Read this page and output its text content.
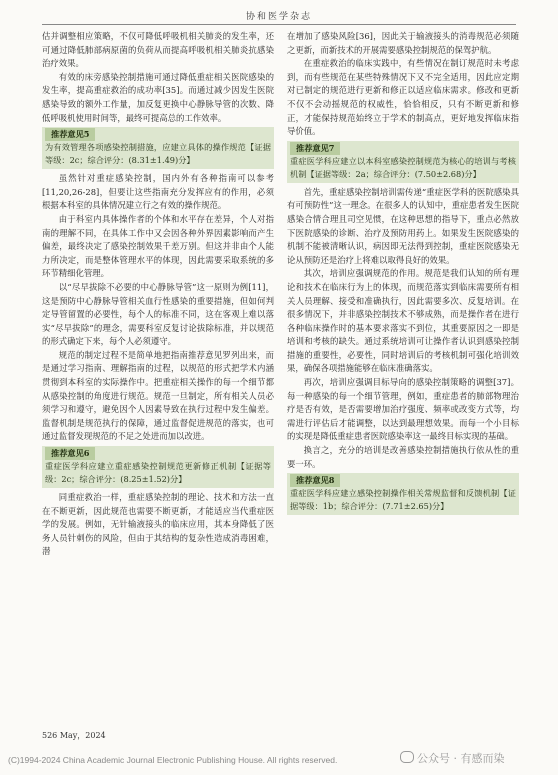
协和医学杂志

估并调整相应策略，不仅可降低呼吸机相关肺炎的发生率，还可通过降低肺部病原菌的负荷从而提高呼吸机相关肺炎抗感染治疗效果。

有效的床旁感染控制措施可通过降低重症相关医院感染的发生率，提高重症救治的成功率[35]。而通过减少因发生医院感染导致的额外工作量，加反复更换中心静脉导管的次数、降低呼吸机使用时间等，最终可提高总的工作效率。

推荐意见5
为有效管理各项感染控制措施，应建立具体的操作规范【证据等级：2c；综合评分：(8.31±1.49)分】

虽然针对重症感染控制，国内外有各种指南可以参考[11,20,26-28]，但要让这些指南充分发挥应有的作用，必须根据本科室的具体情况建立行之有效的操作规范。

由于科室内具体操作者的个体和水平存在差异，个人对指南的理解不同，在具体工作中又会因各种外界因素影响而产生偏差，最终决定了感染控制效果千差万别。但这并非由个人能力所决定，而是整体管理水平的体现，因此需要采取系统的多环节精细化管理。

以“尽早拔除不必要的中心静脉导管”这一原则为例[11]，这是预防中心静脉导管相关血行性感染的重要措施，但如何判定导管留置的必要性，每个人的标准不同，这在客观上难以落实“尽早拔除”的理念，需要科室反复讨论拔除标准，并以规范的形式确定下来，每个人必须遵守。

规范的制定过程不是简单地把指南推荐意见罗列出来，而是通过学习指南、理解指南的过程，以规范的形式把学术内涵贯彻到本科室的实际操作中。把重症相关操作的每一个细节都从感染控制的角度进行规范。规范一旦制定，所有相关人员必须学习和遵守，避免因个人因素导致在执行过程中发生偏差。监督机制是规范执行的保障，通过监督促进规范的落实，也可通过监督发现规范的不足之处进而加以改进。

推荐意见6
重症医学科应建立重症感染控制规范更新修正机制【证据等级：2c；综合评分：(8.25±1.52)分】

同重症救治一样，重症感染控制的理论、技术和方法一直在不断更新，因此规范也需要不断更新，才能适应当代重症医学的发展。例如，无针输液接头的临床应用，其本身降低了医务人员针刺伤的风险，但由于其结构的复杂性造成消毒困难，潜

在增加了感染风险[36]，因此关于输液接头的消毒规范必须随之更新，而新技术的开展需要感染控制规范的保驾护航。

在重症救治的临床实践中，有些情况在制订规范时未考虑到，而有些规范在某些特殊情况下又不完全适用，因此应定期对已制定的规范进行更新和修正以适应临床需求。修改和更新不仅不会动摇规范的权威性，恰恰相反，只有不断更新和修正，才能保持规范始终立于学术的制高点，更好地发挥临床指导价值。

推荐意见7
重症医学科应建立以本科室感染控制规范为核心的培训与考核机制【证据等级：2a；综合评分：(7.50±2.68)分】

首先，重症感染控制培训需传递“重症医学科的医院感染具有可预防性”这一理念。在很多人的认知中，重症患者发生医院感染合情合理且司空见惯，在这种思想的指导下，重点必然放下医院感染的诊断、治疗及预防用药上。如果发生医院感染的机制不能被清晰认识，病因即无法得到控制，重症医院感染无论从预防还是治疗上将难以取得良好的效果。

其次，培训应强调规范的作用。规范是我们认知的所有理论和技术在临床行为上的体现，而规范落实到临床需要所有相关人员理解、接受和准确执行，因此需要多次、反复培训。在很多情况下，并非感染控制技术不够成熟，而是操作者在进行各种临床操作时的基本要求落实不到位，其重要原因之一即是培训和考核的缺失。通过系统培训可让操作者认识到感染控制措施的重要性，必要性，同时培训后的考核机制可强化培训效果，确保各项措施能够在临床准确落实。

再次，培训应强调目标导向的感染控制策略的调整[37]。每一种感染的每一个细节管理，例如，重症患者的肺部物理治疗是否有效，是否需要增加治疗强度、频率或改变方式等，均需进行评估后才能调整，以达到最理想效果。而每一个小目标的实现是降低重症患者医院感染率这一最终目标实现的基础。

换言之，充分的培训是改善感染控制措施执行依从性的重要一环。

推荐意见8
重症医学科应建立感染控制操作相关常规监督和反馈机制【证据等级：1b；综合评分：(7.71±2.65)分】
526 May，2024
(C)1994-2024 China Academic Journal Electronic Publishing House. All rights reserved.	公众号 · 有感而染
